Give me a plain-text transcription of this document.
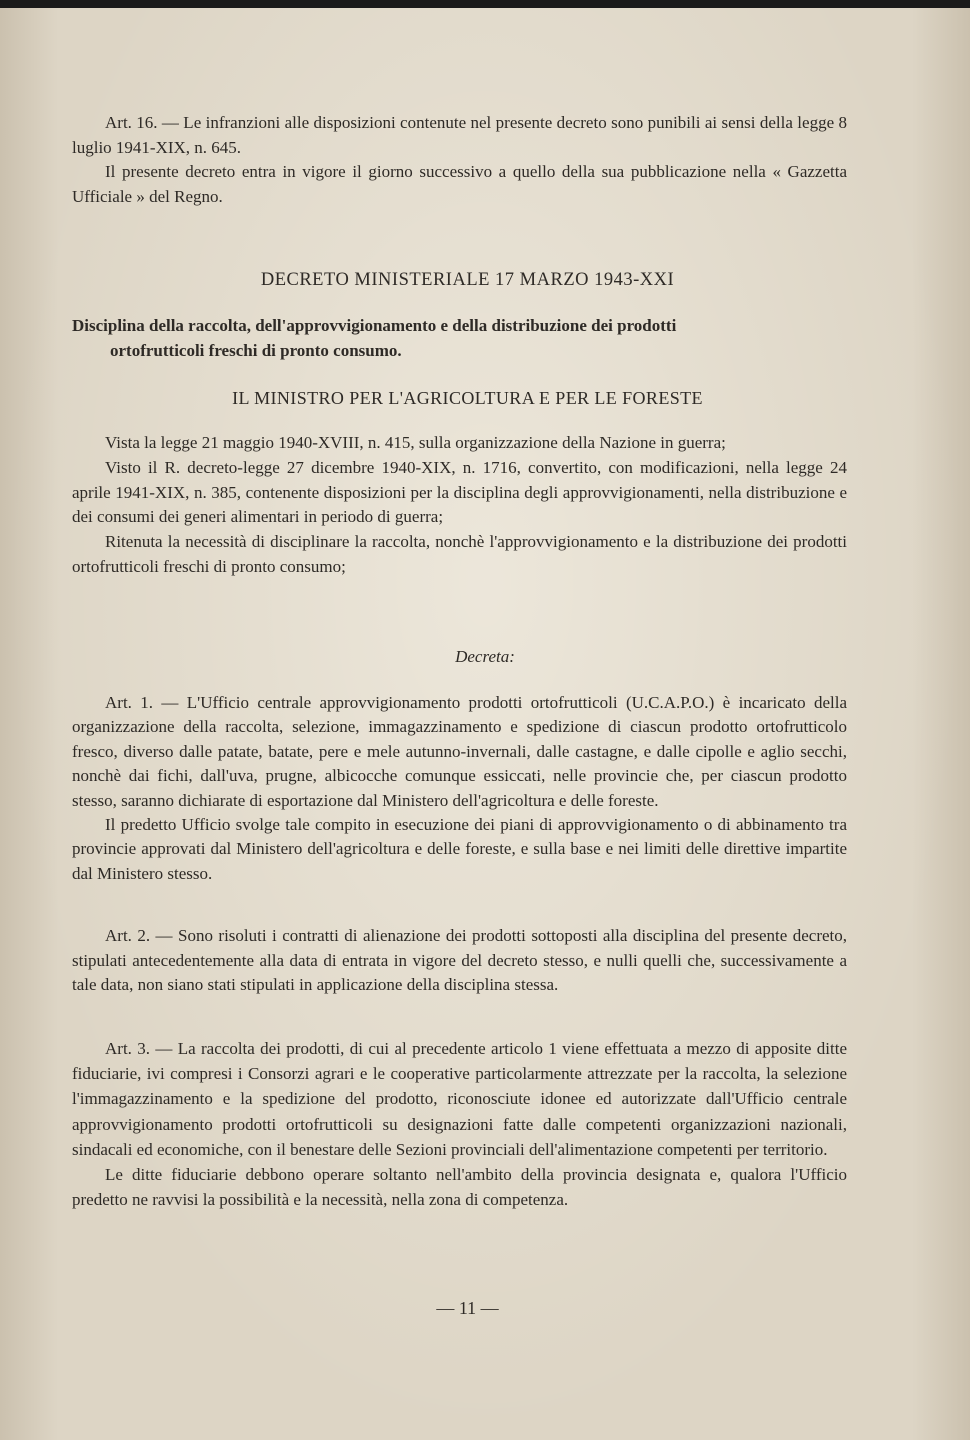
Art. 16. — Le infranzioni alle disposizioni contenute nel presente decreto sono punibili ai sensi della legge 8 luglio 1941-XIX, n. 645.

Il presente decreto entra in vigore il giorno successivo a quello della sua pubblicazione nella « Gazzetta Ufficiale » del Regno.

DECRETO MINISTERIALE 17 MARZO 1943-XXI
Disciplina della raccolta, dell'approvvigionamento e della distribuzione dei prodotti
ortofrutticoli freschi di pronto consumo.
IL MINISTRO PER L'AGRICOLTURA E PER LE FORESTE

Vista la legge 21 maggio 1940-XVIII, n. 415, sulla organizzazione della Nazione in guerra;

Visto il R. decreto-legge 27 dicembre 1940-XIX, n. 1716, convertito, con modificazioni, nella legge 24 aprile 1941-XIX, n. 385, contenente disposizioni per la disciplina degli approvvigionamenti, nella distribuzione e dei consumi dei generi alimentari in periodo di guerra;

Ritenuta la necessità di disciplinare la raccolta, nonchè l'approvvigionamento e la distribuzione dei prodotti ortofrutticoli freschi di pronto consumo;

Decreta:

Art. 1. — L'Ufficio centrale approvvigionamento prodotti ortofrutticoli (U.C.A.P.O.) è incaricato della organizzazione della raccolta, selezione, immagazzinamento e spedizione di ciascun prodotto ortofrutticolo fresco, diverso dalle patate, batate, pere e mele autunno-invernali, dalle castagne, e dalle cipolle e aglio secchi, nonchè dai fichi, dall'uva, prugne, albicocche comunque essiccati, nelle provincie che, per ciascun prodotto stesso, saranno dichiarate di esportazione dal Ministero dell'agricoltura e delle foreste.

Il predetto Ufficio svolge tale compito in esecuzione dei piani di approvvigionamento o di abbinamento tra provincie approvati dal Ministero dell'agricoltura e delle foreste, e sulla base e nei limiti delle direttive impartite dal Ministero stesso.

Art. 2. — Sono risoluti i contratti di alienazione dei prodotti sottoposti alla disciplina del presente decreto, stipulati antecedentemente alla data di entrata in vigore del decreto stesso, e nulli quelli che, successivamente a tale data, non siano stati stipulati in applicazione della disciplina stessa.

Art. 3. — La raccolta dei prodotti, di cui al precedente articolo 1 viene effettuata a mezzo di apposite ditte fiduciarie, ivi compresi i Consorzi agrari e le cooperative particolarmente attrezzate per la raccolta, la selezione l'immagazzinamento e la spedizione del prodotto, riconosciute idonee ed autorizzate dall'Ufficio centrale approvvigionamento prodotti ortofrutticoli su designazioni fatte dalle competenti organizzazioni nazionali, sindacali ed economiche, con il benestare delle Sezioni provinciali dell'alimentazione competenti per territorio.

Le ditte fiduciarie debbono operare soltanto nell'ambito della provincia designata e, qualora l'Ufficio predetto ne ravvisi la possibilità e la necessità, nella zona di competenza.

— 11 —
